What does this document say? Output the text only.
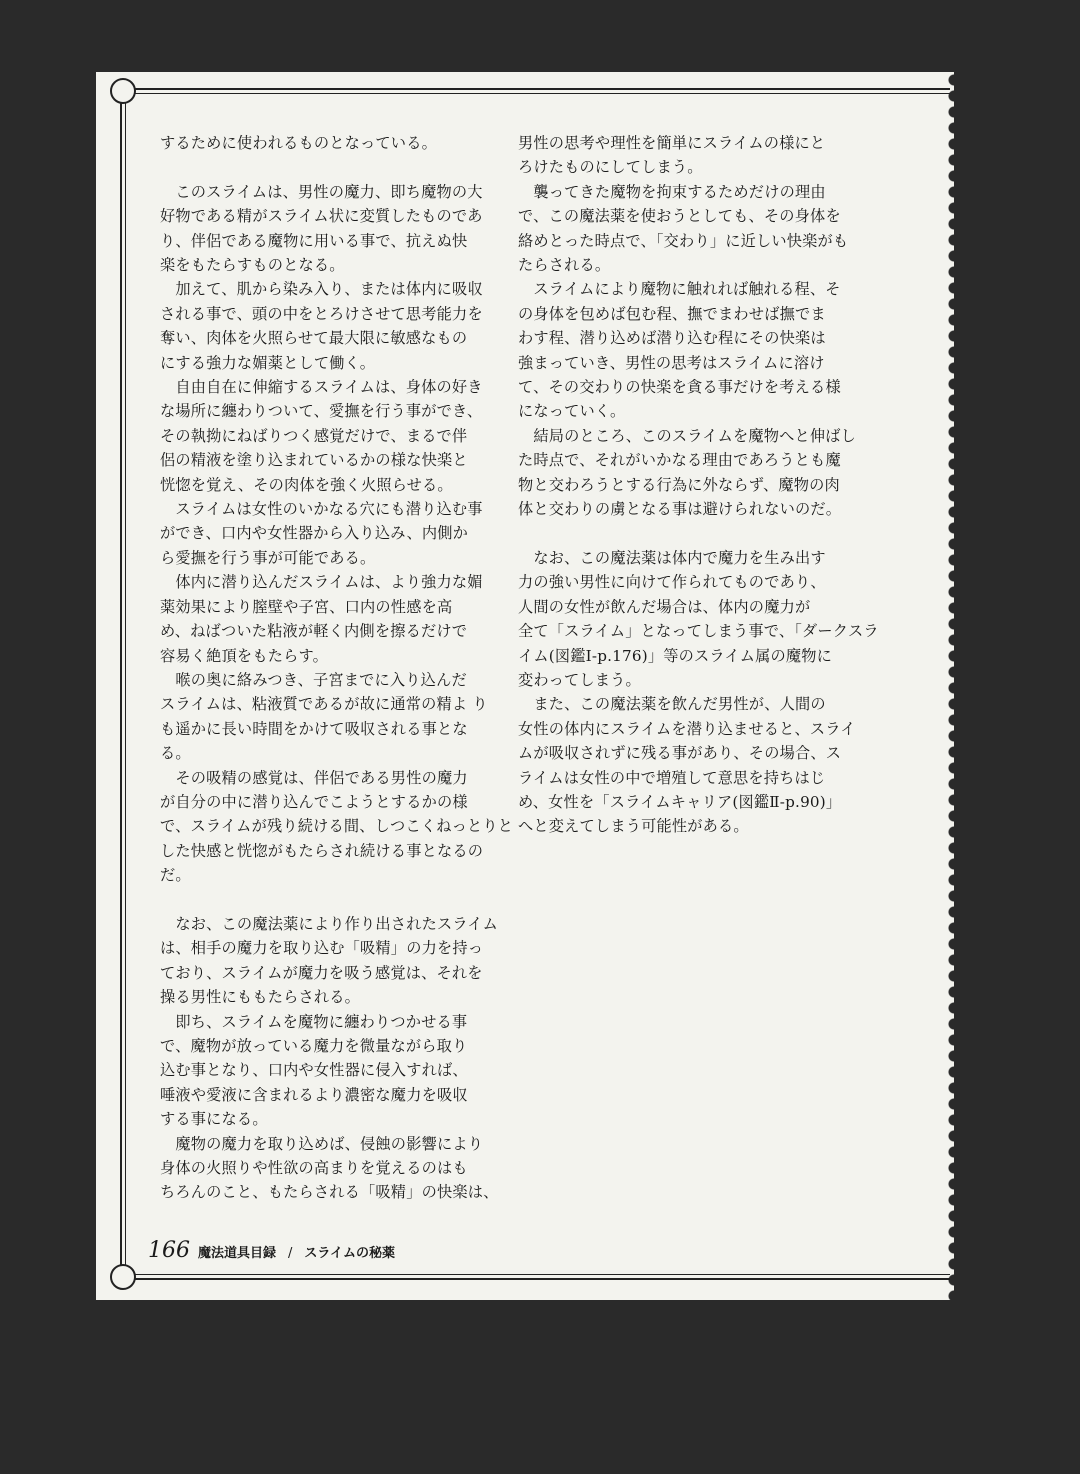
するために使われるものとなっている。

　このスライムは、男性の魔力、即ち魔物の大

好物である精がスライム状に変質したものであ

り、伴侶である魔物に用いる事で、抗えぬ快

楽をもたらすものとなる。

　加えて、肌から染み入り、または体内に吸収

される事で、頭の中をとろけさせて思考能力を

奪い、肉体を火照らせて最大限に敏感なもの

にする強力な媚薬として働く。

　自由自在に伸縮するスライムは、身体の好き

な場所に纏わりついて、愛撫を行う事ができ、

その執拗にねばりつく感覚だけで、まるで伴

侶の精液を塗り込まれているかの様な快楽と

恍惚を覚え、その肉体を強く火照らせる。

　スライムは女性のいかなる穴にも潜り込む事

ができ、口内や女性器から入り込み、内側か

ら愛撫を行う事が可能である。

　体内に潜り込んだスライムは、より強力な媚

薬効果により膣壁や子宮、口内の性感を高

め、ねばついた粘液が軽く内側を擦るだけで

容易く絶頂をもたらす。

　喉の奥に絡みつき、子宮までに入り込んだ

スライムは、粘液質であるが故に通常の精よ り

も遥かに長い時間をかけて吸収される事とな

る。

　その吸精の感覚は、伴侶である男性の魔力

が自分の中に潜り込んでこようとするかの様

で、スライムが残り続ける間、しつこくねっとりと

した快感と恍惚がもたらされ続ける事となるの

だ。

　なお、この魔法薬により作り出されたスライム

は、相手の魔力を取り込む「吸精」の力を持っ

ており、スライムが魔力を吸う感覚は、それを

操る男性にももたらされる。

　即ち、スライムを魔物に纏わりつかせる事

で、魔物が放っている魔力を微量ながら取り

込む事となり、口内や女性器に侵入すれば、

唾液や愛液に含まれるより濃密な魔力を吸収

する事になる。

　魔物の魔力を取り込めば、侵蝕の影響により

身体の火照りや性欲の高まりを覚えるのはも

ちろんのこと、もたらされる「吸精」の快楽は、

男性の思考や理性を簡単にスライムの様にと

ろけたものにしてしまう。

　襲ってきた魔物を拘束するためだけの理由

で、この魔法薬を使おうとしても、その身体を

絡めとった時点で、「交わり」に近しい快楽がも

たらされる。

　スライムにより魔物に触れれば触れる程、そ

の身体を包めば包む程、撫でまわせば撫でま

わす程、潜り込めば潜り込む程にその快楽は

強まっていき、男性の思考はスライムに溶け

て、その交わりの快楽を貪る事だけを考える様

になっていく。

　結局のところ、このスライムを魔物へと伸ばし

た時点で、それがいかなる理由であろうとも魔

物と交わろうとする行為に外ならず、魔物の肉

体と交わりの虜となる事は避けられないのだ。

　なお、この魔法薬は体内で魔力を生み出す

力の強い男性に向けて作られてものであり、

人間の女性が飲んだ場合は、体内の魔力が

全て「スライム」となってしまう事で、「ダークスラ

イム(図鑑Ⅰ-p.176)」等のスライム属の魔物に

変わってしまう。

　また、この魔法薬を飲んだ男性が、人間の

女性の体内にスライムを潜り込ませると、スライ

ムが吸収されずに残る事があり、その場合、ス

ライムは女性の中で増殖して意思を持ちはじ

め、女性を「スライムキャリア(図鑑Ⅱ-p.90)」

へと変えてしまう可能性がある。

166 魔法道具目録 / スライムの秘薬
